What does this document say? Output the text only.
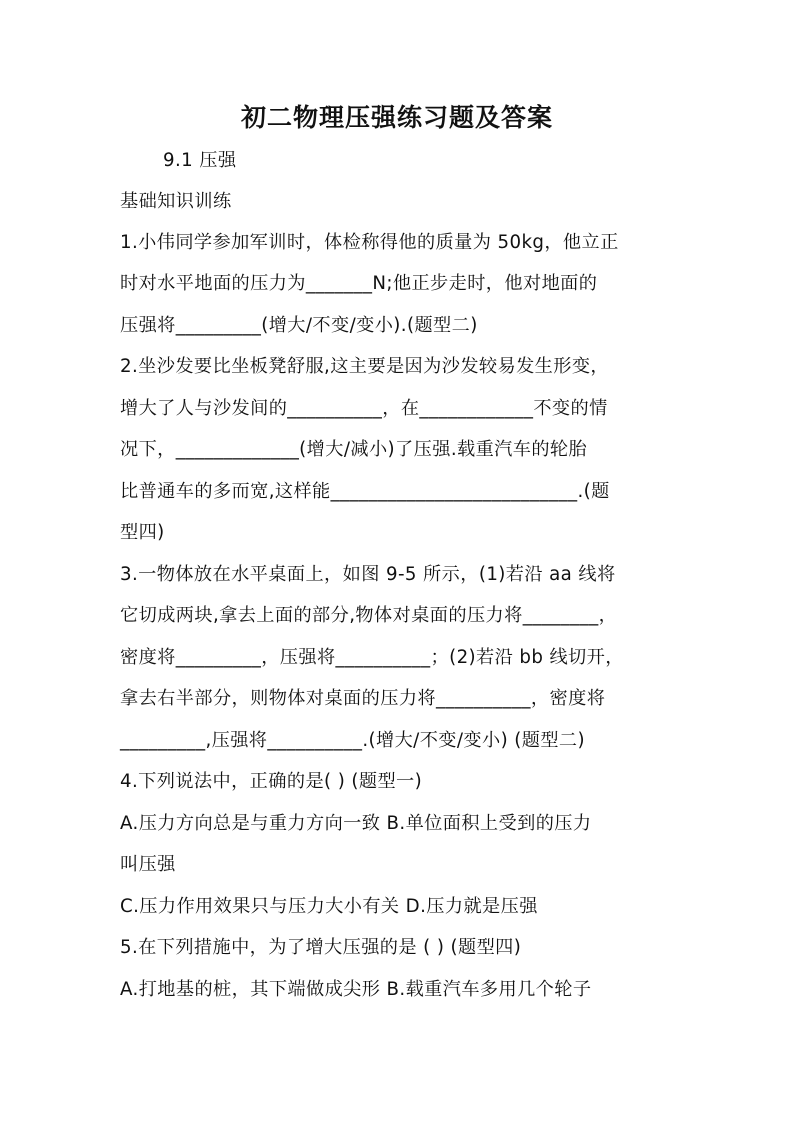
初二物理压强练习题及答案
9.1 压强
基础知识训练
1.小伟同学参加军训时，体检称得他的质量为 50kg，他立正
时对水平地面的压力为_______N;他正步走时，他对地面的
压强将_________(增大/不变/变小).(题型二)
2.坐沙发要比坐板凳舒服,这主要是因为沙发较易发生形变，
增大了人与沙发间的__________，在____________不变的情
况下，_____________(增大/减小)了压强.载重汽车的轮胎
比普通车的多而宽,这样能__________________________.(题
型四)
3.一物体放在水平桌面上，如图 9-5 所示，(1)若沿 aa 线将
它切成两块,拿去上面的部分,物体对桌面的压力将________，
密度将_________，压强将__________；(2)若沿 bb 线切开，
拿去右半部分，则物体对桌面的压力将__________，密度将
_________,压强将__________.(增大/不变/变小) (题型二)
4.下列说法中，正确的是( ) (题型一)
A.压力方向总是与重力方向一致 B.单位面积上受到的压力
叫压强
C.压力作用效果只与压力大小有关 D.压力就是压强
5.在下列措施中，为了增大压强的是 ( ) (题型四)
A.打地基的桩，其下端做成尖形 B.载重汽车多用几个轮子
